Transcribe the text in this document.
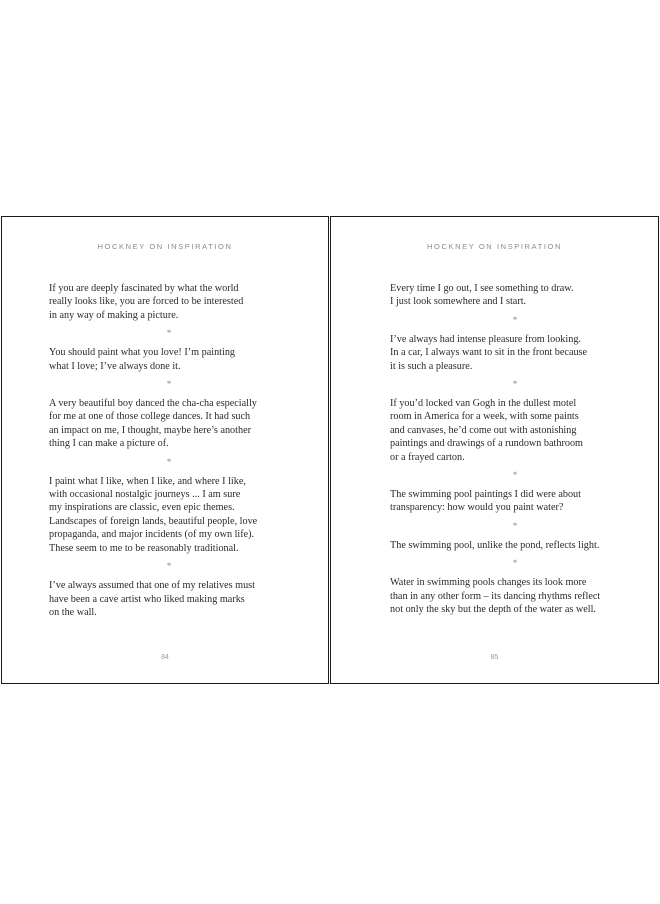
HOCKNEY ON INSPIRATION

If you are deeply fascinated by what the world
really looks like, you are forced to be interested
in any way of making a picture.

*

You should paint what you love! I’m painting
what I love; I’ve always done it.

*

A very beautiful boy danced the cha-cha especially
for me at one of those college dances. It had such
an impact on me, I thought, maybe here’s another
thing I can make a picture of.

*

I paint what I like, when I like, and where I like,
with occasional nostalgic journeys ... I am sure
my inspirations are classic, even epic themes.
Landscapes of foreign lands, beautiful people, love
propaganda, and major incidents (of my own life).
These seem to me to be reasonably traditional.

*

I’ve always assumed that one of my relatives must
have been a cave artist who liked making marks
on the wall.

84
HOCKNEY ON INSPIRATION

Every time I go out, I see something to draw.
I just look somewhere and I start.

*

I’ve always had intense pleasure from looking.
In a car, I always want to sit in the front because
it is such a pleasure.

*

If you’d locked van Gogh in the dullest motel
room in America for a week, with some paints
and canvases, he’d come out with astonishing
paintings and drawings of a rundown bathroom
or a frayed carton.

*

The swimming pool paintings I did were about
transparency: how would you paint water?

*

The swimming pool, unlike the pond, reflects light.

*

Water in swimming pools changes its look more
than in any other form – its dancing rhythms reflect
not only the sky but the depth of the water as well.

85
